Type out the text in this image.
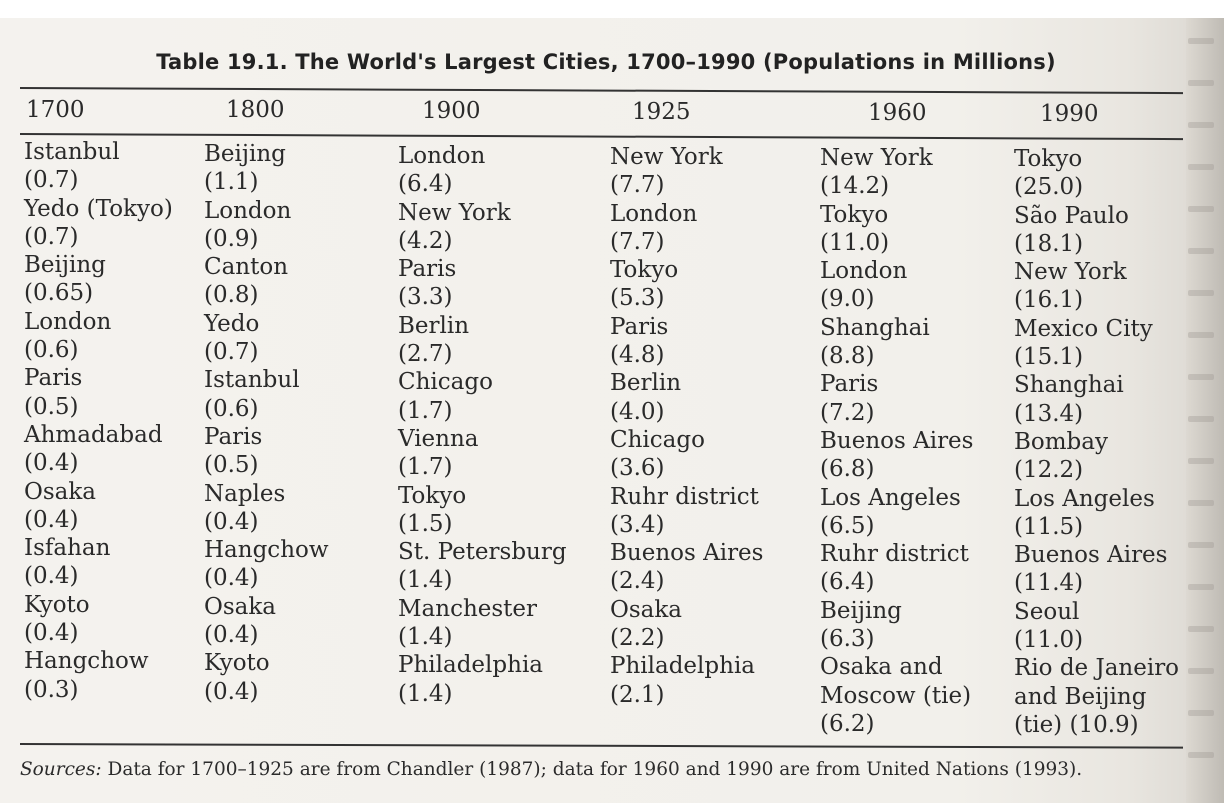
Table 19.1. The World's Largest Cities, 1700–1990 (Populations in Millions)
1700
Istanbul
(0.7)
Yedo (Tokyo)
(0.7)
Beijing
(0.65)
London
(0.6)
Paris
(0.5)
Ahmadabad
(0.4)
Osaka
(0.4)
Isfahan
(0.4)
Kyoto
(0.4)
Hangchow
(0.3)
1800
Beijing
(1.1)
London
(0.9)
Canton
(0.8)
Yedo
(0.7)
Istanbul
(0.6)
Paris
(0.5)
Naples
(0.4)
Hangchow
(0.4)
Osaka
(0.4)
Kyoto
(0.4)
1900
London
(6.4)
New York
(4.2)
Paris
(3.3)
Berlin
(2.7)
Chicago
(1.7)
Vienna
(1.7)
Tokyo
(1.5)
St. Petersburg
(1.4)
Manchester
(1.4)
Philadelphia
(1.4)
1925
New York
(7.7)
London
(7.7)
Tokyo
(5.3)
Paris
(4.8)
Berlin
(4.0)
Chicago
(3.6)
Ruhr district
(3.4)
Buenos Aires
(2.4)
Osaka
(2.2)
Philadelphia
(2.1)
1960
New York
(14.2)
Tokyo
(11.0)
London
(9.0)
Shanghai
(8.8)
Paris
(7.2)
Buenos Aires
(6.8)
Los Angeles
(6.5)
Ruhr district
(6.4)
Beijing
(6.3)
Osaka and
Moscow (tie)
(6.2)
1990
Tokyo
(25.0)
São Paulo
(18.1)
New York
(16.1)
Mexico City
(15.1)
Shanghai
(13.4)
Bombay
(12.2)
Los Angeles
(11.5)
Buenos Aires
(11.4)
Seoul
(11.0)
Rio de Janeiro
and Beijing
(tie) (10.9)
Sources: Data for 1700–1925 are from Chandler (1987); data for 1960 and 1990 are from United Nations (1993).
